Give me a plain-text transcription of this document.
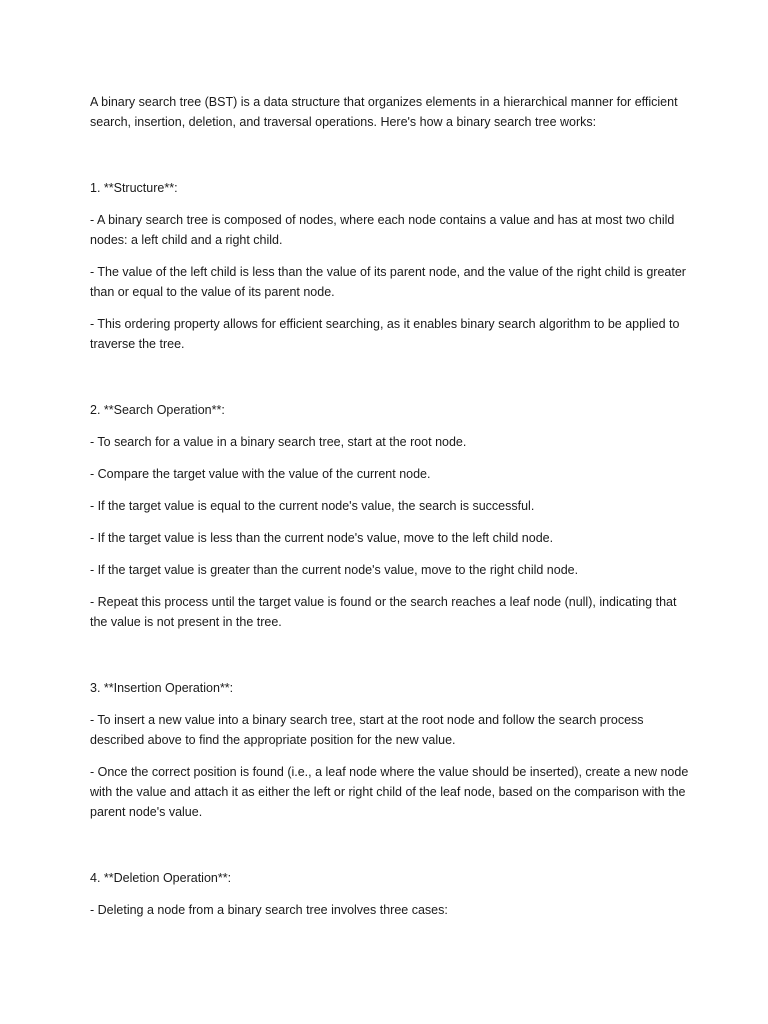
A binary search tree (BST) is a data structure that organizes elements in a hierarchical manner for efficient search, insertion, deletion, and traversal operations. Here's how a binary search tree works:

1. **Structure**:

- A binary search tree is composed of nodes, where each node contains a value and has at most two child nodes: a left child and a right child.

- The value of the left child is less than the value of its parent node, and the value of the right child is greater than or equal to the value of its parent node.

- This ordering property allows for efficient searching, as it enables binary search algorithm to be applied to traverse the tree.

2. **Search Operation**:

- To search for a value in a binary search tree, start at the root node.

- Compare the target value with the value of the current node.

- If the target value is equal to the current node's value, the search is successful.

- If the target value is less than the current node's value, move to the left child node.

- If the target value is greater than the current node's value, move to the right child node.

- Repeat this process until the target value is found or the search reaches a leaf node (null), indicating that the value is not present in the tree.

3. **Insertion Operation**:

- To insert a new value into a binary search tree, start at the root node and follow the search process described above to find the appropriate position for the new value.

- Once the correct position is found (i.e., a leaf node where the value should be inserted), create a new node with the value and attach it as either the left or right child of the leaf node, based on the comparison with the parent node's value.

4. **Deletion Operation**:

- Deleting a node from a binary search tree involves three cases:
